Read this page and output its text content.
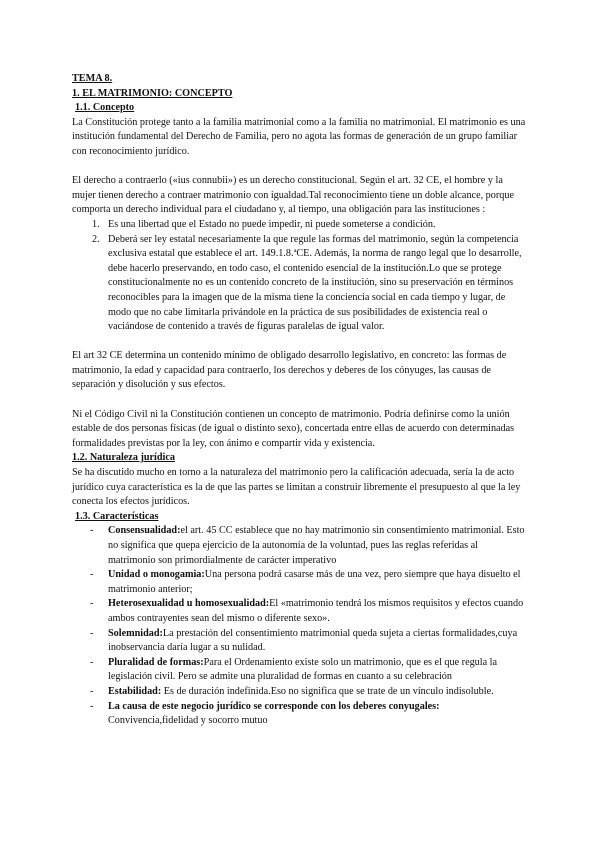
TEMA 8.

1. EL MATRIMONIO: CONCEPTO

1.1. Concepto

La Constitución protege tanto a la familia matrimonial como a la familia no matrimonial. El matrimonio es una institución fundamental del Derecho de Familia, pero no agota las formas de generación de un grupo familiar con reconocimiento jurídico.

El derecho a contraerlo («ius connubii») es un derecho constitucional. Según el art. 32 CE, el hombre y la mujer tienen derecho a contraer matrimonio con igualdad.Tal reconocimiento tiene un doble alcance, porque comporta un derecho individual para el ciudadano y, al tiempo, una obligación para las instituciones :

1. Es una libertad que el Estado no puede impedir, ni puede someterse a condición.
2. Deberá ser ley estatal necesariamente la que regule las formas del matrimonio, según la competencia exclusiva estatal que establece el art. 149.1.8.ªCE. Además, la norma de rango legal que lo desarrolle, debe hacerlo preservando, en todo caso, el contenido esencial de la institución.Lo que se protege constitucionalmente no es un contenido concreto de la institución, sino su preservación en términos reconocibles para la imagen que de la misma tiene la conciencia social en cada tiempo y lugar, de modo que no cabe limitarla privándole en la práctica de sus posibilidades de existencia real o vaciándose de contenido a través de figuras paralelas de igual valor.

El art 32 CE determina un contenido mínimo de obligado desarrollo legislativo, en concreto: las formas de matrimonio, la edad y capacidad para contraerlo, los derechos y deberes de los cónyuges, las causas de separación y disolución y sus efectos.

Ni el Código Civil ni la Constitución contienen un concepto de matrimonio. Podría definirse como la unión estable de dos personas físicas (de igual o distinto sexo), concertada entre ellas de acuerdo con determinadas formalidades previstas por la ley, con ánimo e compartir vida y existencia.

1.2. Naturaleza jurídica

Se ha discutido mucho en torno a la naturaleza del matrimonio pero la calificación adecuada, sería la de acto jurídico cuya característica es la de que las partes se limitan a construir libremente el presupuesto al que la ley conecta los efectos jurídicos.

1.3. Características

- Consensualidad:el art. 45 CC establece que no hay matrimonio sin consentimiento matrimonial. Esto no significa que quepa ejercicio de la autonomía de la voluntad, pues las reglas referidas al matrimonio son primordialmente de carácter imperativo
- Unidad o monogamia:Una persona podrá casarse más de una vez, pero siempre que haya disuelto el matrimonio anterior;
- Heterosexualidad u homosexualidad:El «matrimonio tendrá los mismos requisitos y efectos cuando ambos contrayentes sean del mismo o diferente sexo».
- Solemnidad:La prestación del consentimiento matrimonial queda sujeta a ciertas formalidades,cuya inobservancia daría lugar a su nulidad.
- Pluralidad de formas:Para el Ordenamiento existe solo un matrimonio, que es el que regula la legislación civil. Pero se admite una pluralidad de formas en cuanto a su celebración
- Estabilidad: Es de duración indefinida.Eso no significa que se trate de un vínculo indisoluble.
- La causa de este negocio jurídico se corresponde con los deberes conyugales: Convivencia,fidelidad y socorro mutuo
